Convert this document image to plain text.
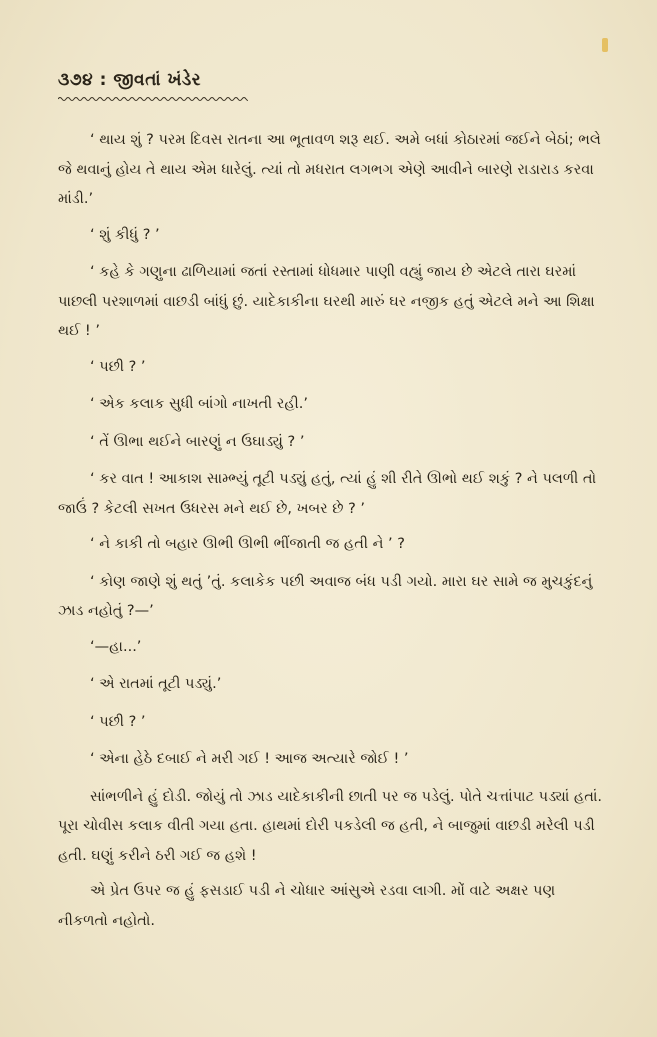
૩૭૪ : જીવતાં ખંડેર

‘ થાય શું ? પરમ દિવસ રાતના આ ભૂતાવળ શરૂ થઈ. અમે બધાં કોઠારમાં જઈને બેઠાં; ભલે જે થવાનું હોય તે થાય એમ ધારેલું. ત્યાં તો મધરાત લગભગ એણે આવીને બારણે રાડારાડ કરવા માંડી.’

‘ શું કીધું ? ’

‘ કહે કે ગણુના ઢાળિયામાં જતાં રસ્તામાં ધોધમાર પાણી વહ્યું જાય છે એટલે તારા ઘરમાં પાછલી પરશાળમાં વાછડી બાંધું છું. યાદેકાકીના ઘરથી મારું ઘર નજીક હતું એટલે મને આ શિક્ષા થઈ ! ’

‘ પછી ? ’

‘ એક કલાક સુધી બાંગો નાખતી રહી.’

‘ તેં ઊભા થઈને બારણું ન ઉઘાડ્યું ? ’

‘ કર વાત ! આકાશ સામ્ભ્યું તૂટી પડ્યું હતું, ત્યાં હું શી રીતે ઊભો થઈ શકું ? ને પલળી તો જાઉં ? કેટલી સખત ઉધરસ મને થઈ છે, ખબર છે ? ’

‘ ને કાકી તો બહાર ઊભી ઊભી ભીંજાતી જ હતી ને ’ ?

‘ કોણ જાણે શું થતું ’તું. કલાકેક પછી અવાજ બંધ પડી ગયો. મારા ઘર સામે જ મુચકુંદનું ઝાડ નહોતું ?—’

‘—હા...’

‘ એ રાતમાં તૂટી પડ્યું.’

‘ પછી ? ’

‘ એના હેઠે દબાઈ ને મરી ગઈ ! આજ અત્યારે જોઈ ! ’

સાંભળીને હું દોડી. જોયું તો ઝાડ યાદેકાકીની છાતી પર જ પડેલું. પોતે ચત્તાંપાટ પડ્યાં હતાં. પૂરા ચોવીસ કલાક વીતી ગયા હતા. હાથમાં દોરી પકડેલી જ હતી, ને બાજુમાં વાછડી મરેલી પડી હતી. ઘણું કરીને ઠરી ગઈ જ હશે !

એ પ્રેત ઉપર જ હું ફસડાઈ પડી ને ચોધાર આંસુએ રડવા લાગી. મોં વાટે અક્ષર પણ નીકળતો નહોતો.
